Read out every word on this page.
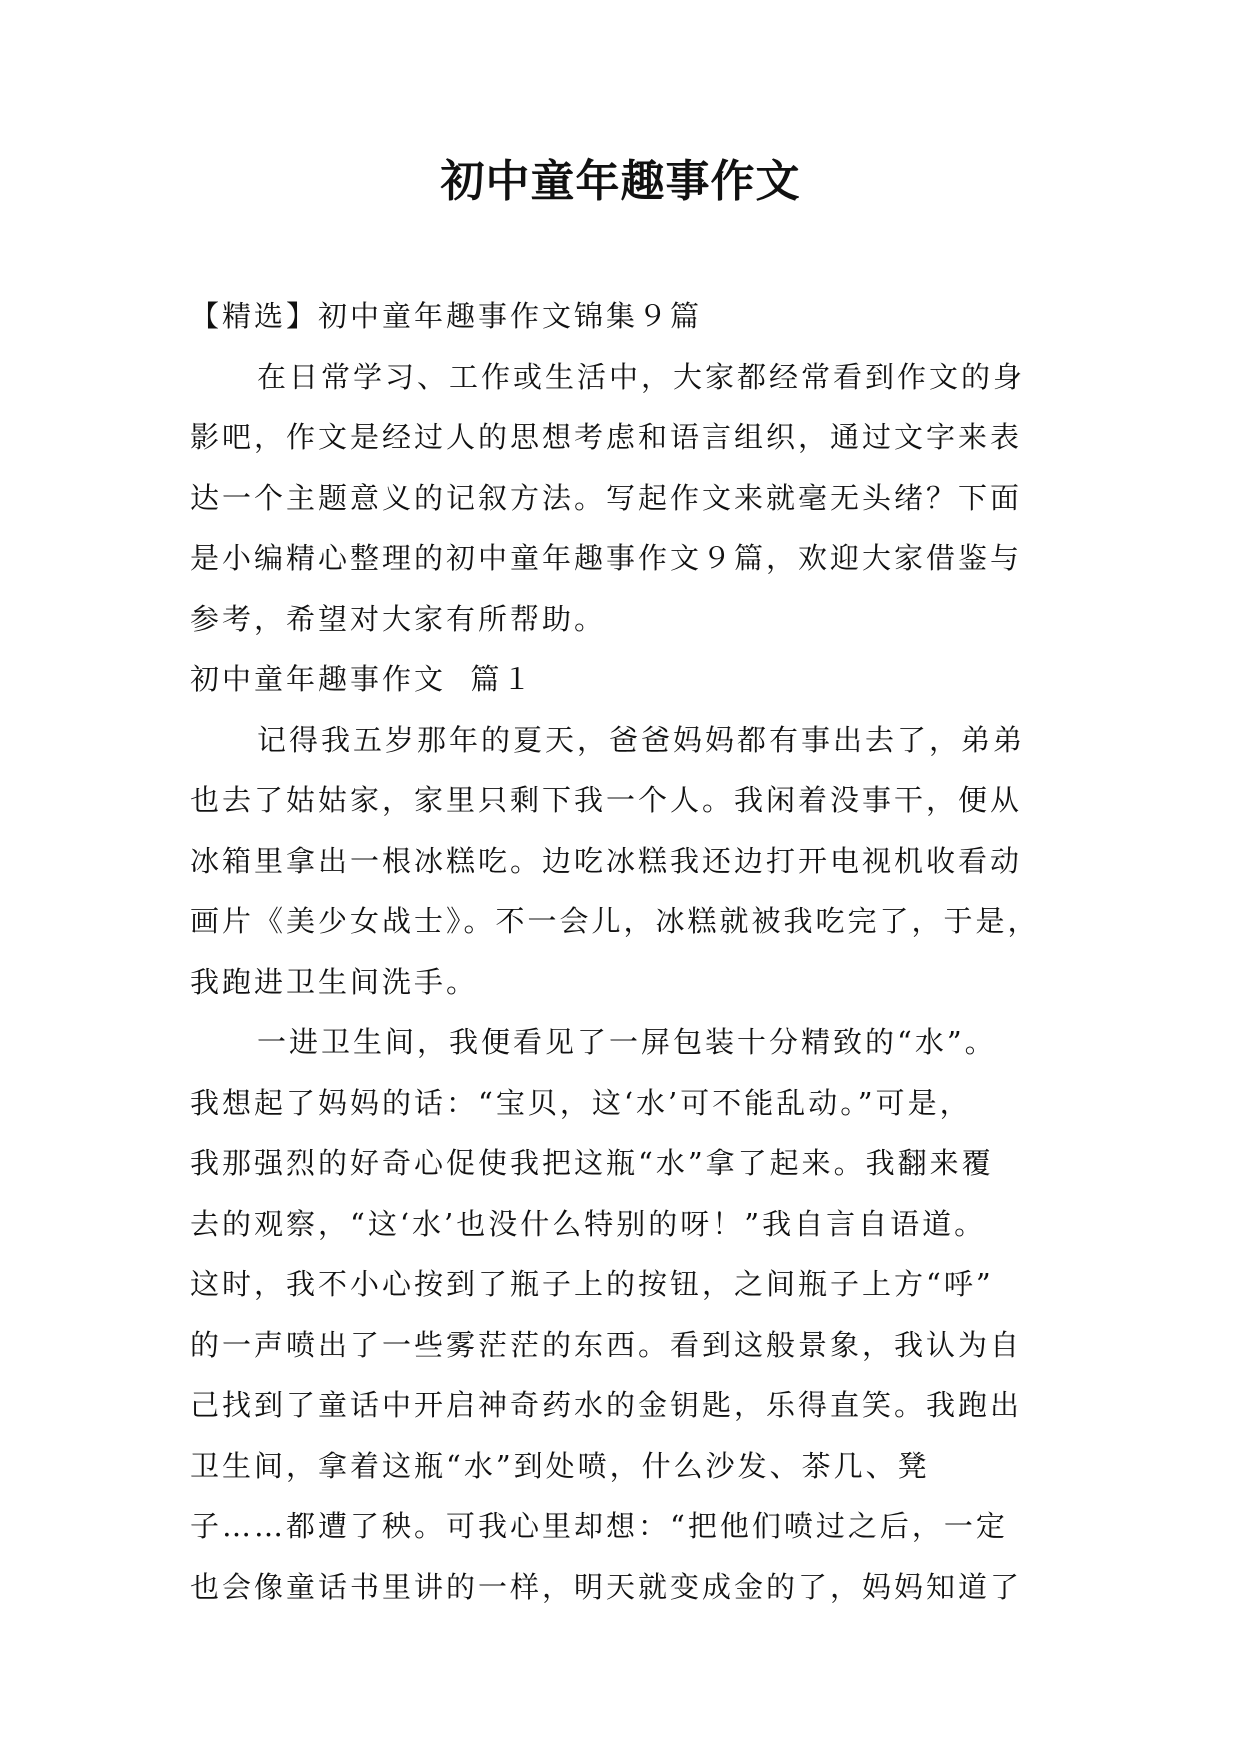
初中童年趣事作文

【精选】初中童年趣事作文锦集９篇

在日常学习、工作或生活中，大家都经常看到作文的身

影吧，作文是经过人的思想考虑和语言组织，通过文字来表

达一个主题意义的记叙方法。写起作文来就毫无头绪？下面

是小编精心整理的初中童年趣事作文９篇，欢迎大家借鉴与

参考，希望对大家有所帮助。

初中童年趣事作文  篇１

记得我五岁那年的夏天，爸爸妈妈都有事出去了，弟弟

也去了姑姑家，家里只剩下我一个人。我闲着没事干，便从

冰箱里拿出一根冰糕吃。边吃冰糕我还边打开电视机收看动

画片《美少女战士》。不一会儿，冰糕就被我吃完了，于是，

我跑进卫生间洗手。

一进卫生间，我便看见了一屏包装十分精致的“水”。

我想起了妈妈的话：“宝贝，这‘水’可不能乱动。”可是，

我那强烈的好奇心促使我把这瓶“水”拿了起来。我翻来覆

去的观察，“这‘水’也没什么特别的呀！”我自言自语道。

这时，我不小心按到了瓶子上的按钮，之间瓶子上方“呼”

的一声喷出了一些雾茫茫的东西。看到这般景象，我认为自

己找到了童话中开启神奇药水的金钥匙，乐得直笑。我跑出

卫生间，拿着这瓶“水”到处喷，什么沙发、茶几、凳

子……都遭了秧。可我心里却想：“把他们喷过之后，一定

也会像童话书里讲的一样，明天就变成金的了，妈妈知道了
